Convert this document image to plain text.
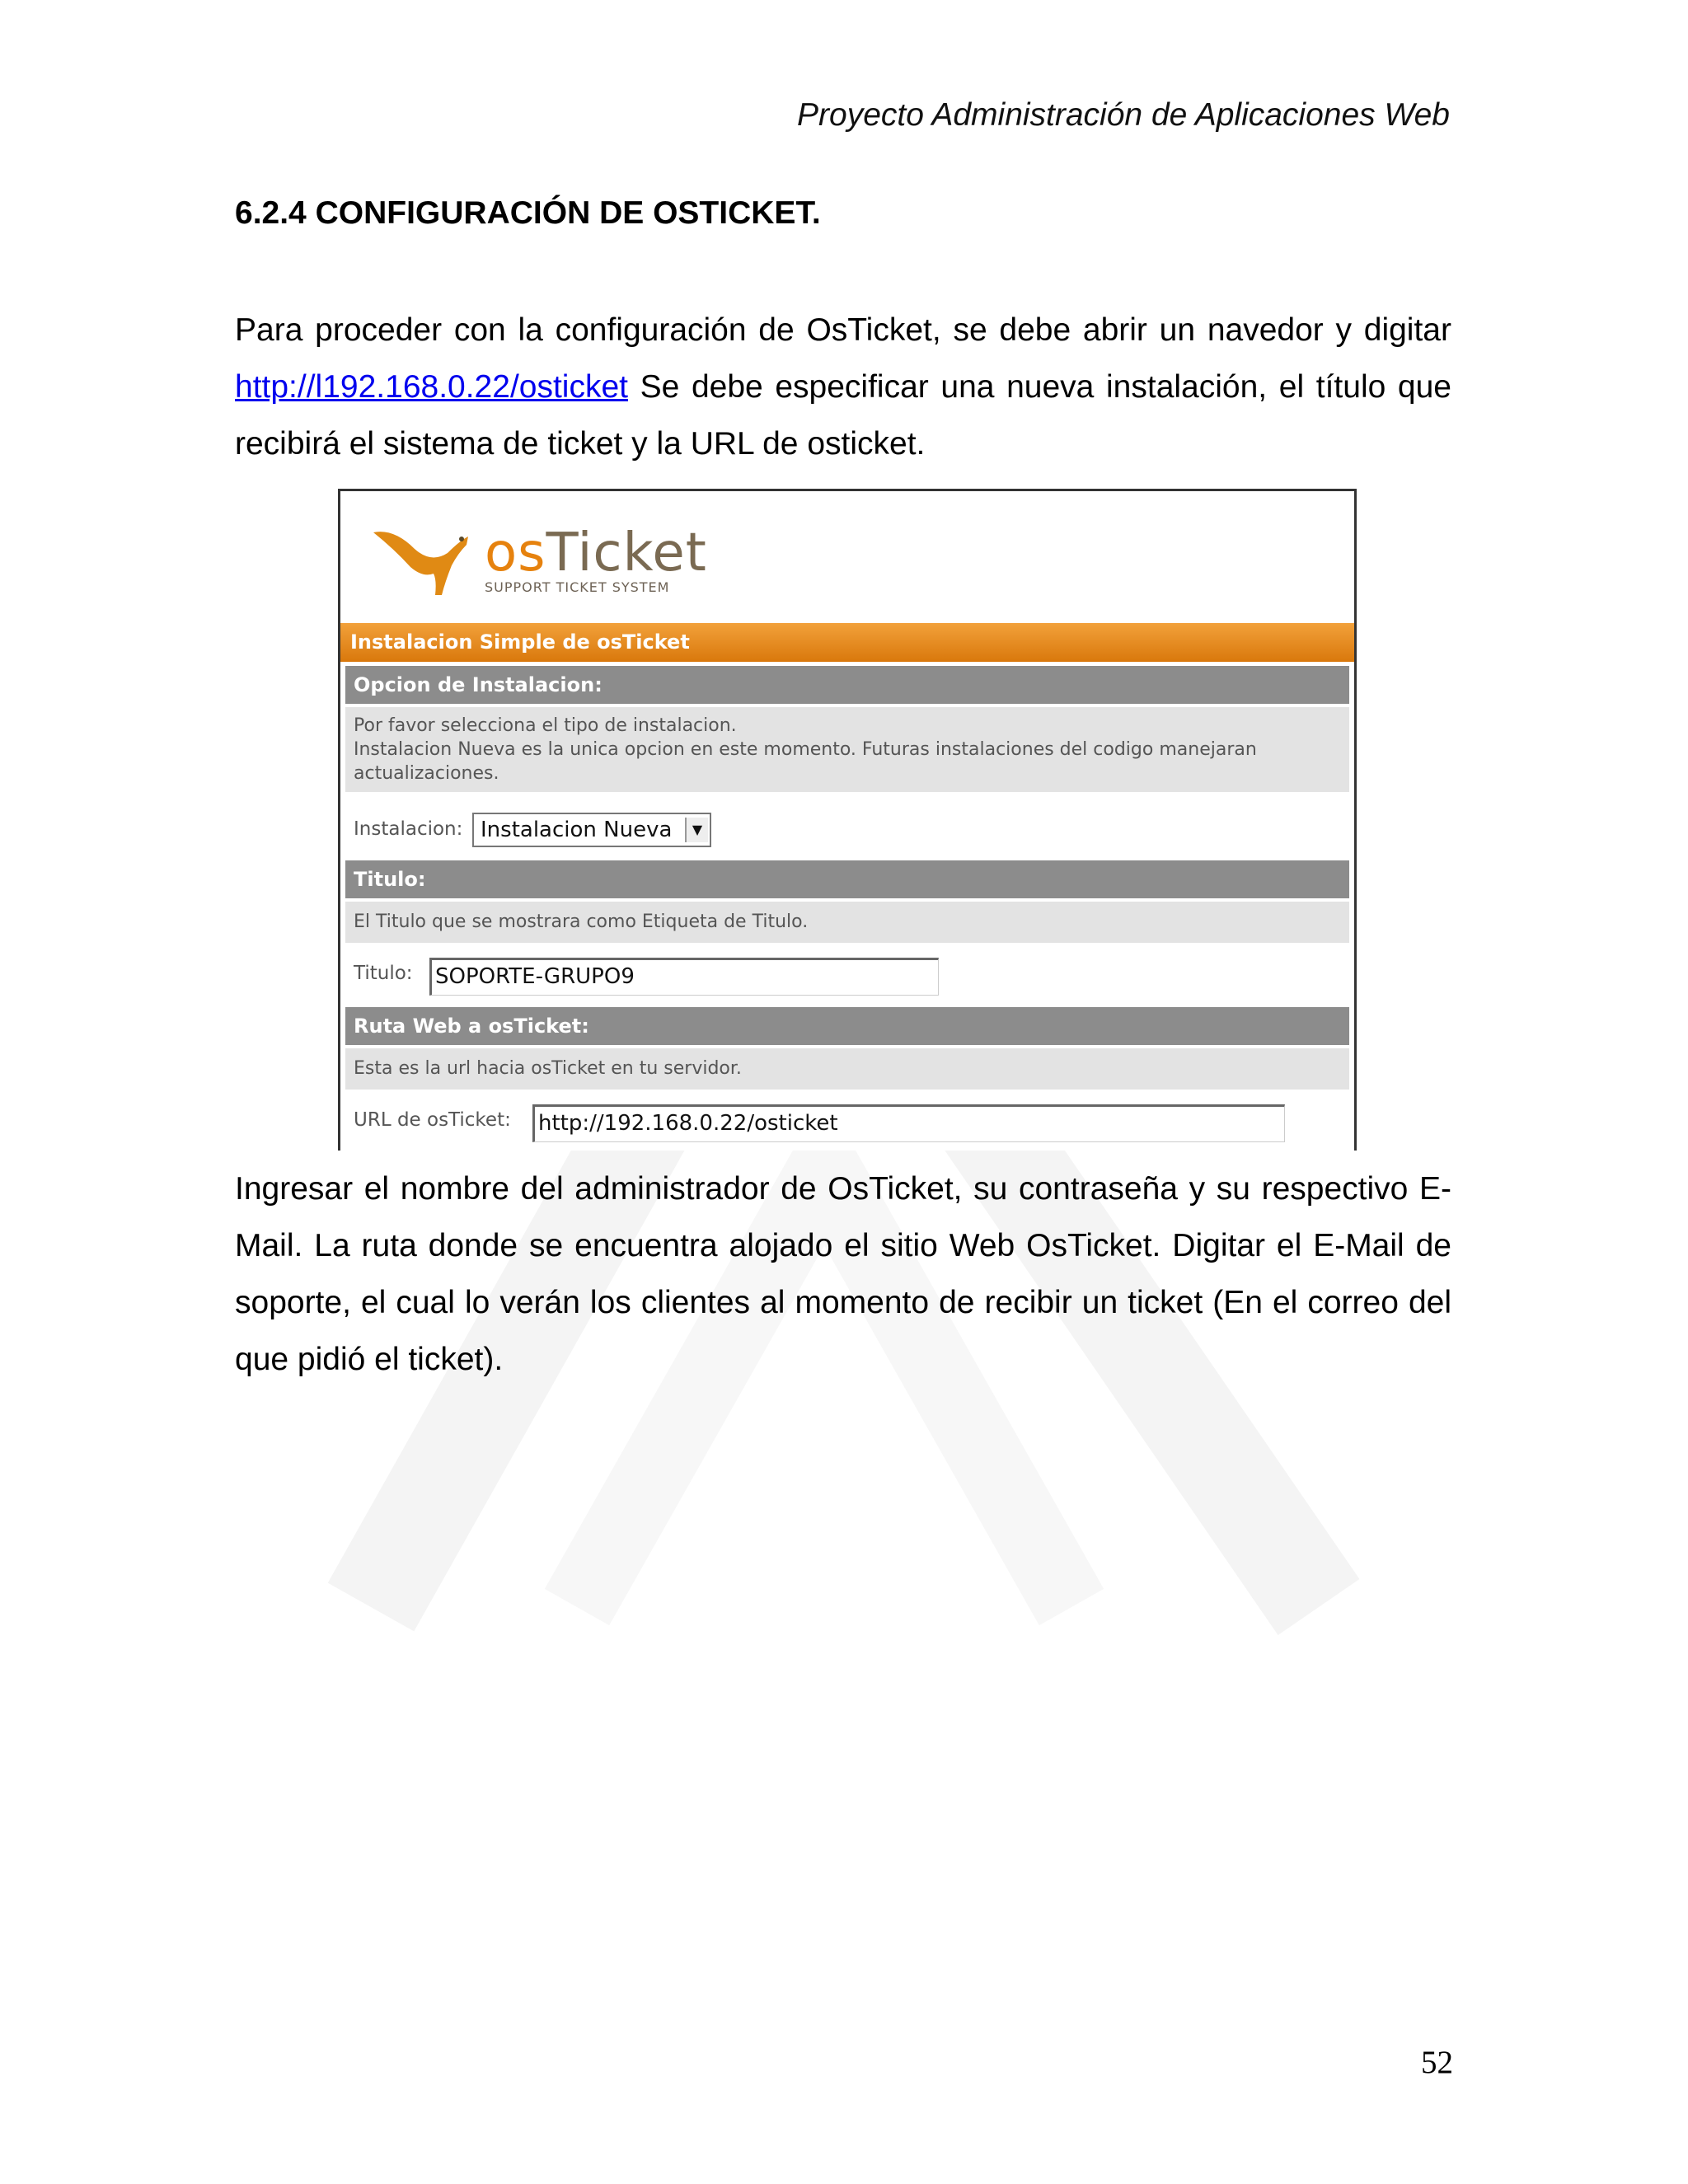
Proyecto Administración de Aplicaciones Web
6.2.4 CONFIGURACIÓN DE OSTICKET.

Para proceder con la configuración de OsTicket, se debe abrir un navedor y digitar http://l192.168.0.22/osticket Se debe especificar una nueva instalación, el título que recibirá el sistema de ticket y la URL de osticket.

osTicket
SUPPORT TICKET SYSTEM
Instalacion Simple de osTicket
Opcion de Instalacion:
Por favor selecciona el tipo de instalacion.
Instalacion Nueva es la unica opcion en este momento. Futuras instalaciones del codigo manejaran
actualizaciones.
Instalacion: Instalacion Nueva	▼
Titulo:
El Titulo que se mostrara como Etiqueta de Titulo.
Titulo: SOPORTE-GRUPO9
Ruta Web a osTicket:
Esta es la url hacia osTicket en tu servidor.
URL de osTicket: http://192.168.0.22/osticket

Ingresar el nombre del administrador de OsTicket, su contraseña y su respectivo E-Mail. La ruta donde se encuentra alojado el sitio Web OsTicket. Digitar el E-Mail de soporte, el cual lo verán los clientes al momento de recibir un ticket (En el correo del que pidió el ticket).

52
